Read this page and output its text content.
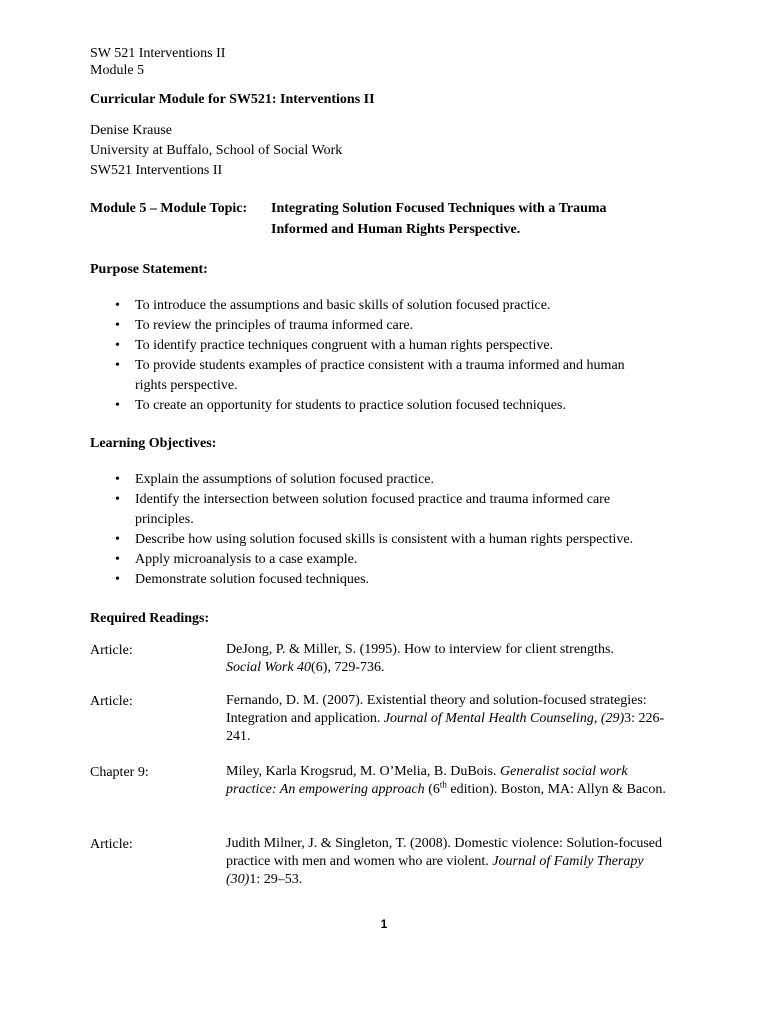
SW 521 Interventions II
Module 5
Curricular Module for SW521: Interventions II
Denise Krause
University at Buffalo, School of Social Work
SW521 Interventions II
Module 5 – Module Topic: Integrating Solution Focused Techniques with a Trauma
Informed and Human Rights Perspective.
Purpose Statement:
• To introduce the assumptions and basic skills of solution focused practice.
• To review the principles of trauma informed care.
• To identify practice techniques congruent with a human rights perspective.
• To provide students examples of practice consistent with a trauma informed and human
rights perspective.
• To create an opportunity for students to practice solution focused techniques.
Learning Objectives:
• Explain the assumptions of solution focused practice.
• Identify the intersection between solution focused practice and trauma informed care
principles.
• Describe how using solution focused skills is consistent with a human rights perspective.
• Apply microanalysis to a case example.
• Demonstrate solution focused techniques.
Required Readings:
Article:	DeJong, P. & Miller, S. (1995). How to interview for client strengths.
Social Work 40(6), 729-736.
Article:	Fernando, D. M. (2007). Existential theory and solution-focused strategies: Integration and application. Journal of Mental Health Counseling, (29)3: 226-241.
Chapter 9:	Miley, Karla Krogsrud, M. O’Melia, B. DuBois. Generalist social work practice: An empowering approach (6th edition). Boston, MA: Allyn & Bacon.
Article:	Judith Milner, J. & Singleton, T. (2008). Domestic violence: Solution-focused practice with men and women who are violent. Journal of Family Therapy (30)1: 29–53.
1
